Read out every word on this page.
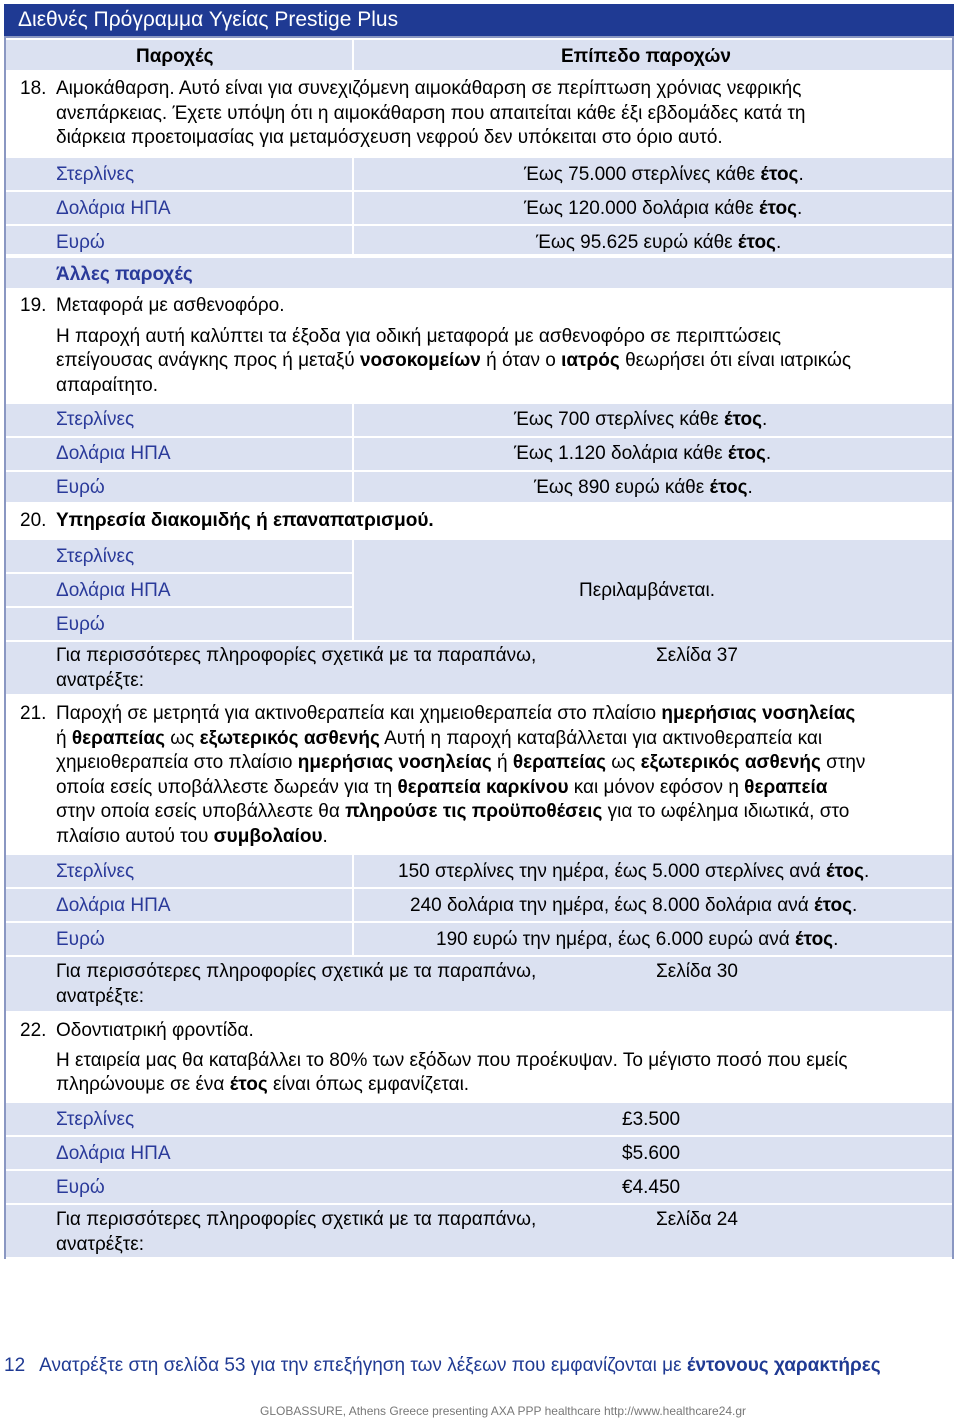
Διεθνές Πρόγραμμα Υγείας Prestige Plus
Παροχές	Επίπεδο παροχών
18. Αιμοκάθαρση. Αυτό είναι για συνεχιζόμενη αιμοκάθαρση σε περίπτωση χρόνιας νεφρικής
ανεπάρκειας. Έχετε υπόψη ότι η αιμοκάθαρση που απαιτείται κάθε έξι εβδομάδες κατά τη
διάρκεια προετοιμασίας για μεταμόσχευση νεφρού δεν υπόκειται στο όριο αυτό.
Στερλίνες
Δολάρια ΗΠΑ
Ευρώ
Έως 75.000 στερλίνες κάθε έτος.
Έως 120.000 δολάρια κάθε έτος.
Έως 95.625 ευρώ κάθε έτος.
Άλλες παροχές
19. Μεταφορά με ασθενοφόρο.
Η παροχή αυτή καλύπτει τα έξοδα για οδική μεταφορά με ασθενοφόρο σε περιπτώσεις
επείγουσας ανάγκης προς ή μεταξύ νοσοκομείων ή όταν ο ιατρός θεωρήσει ότι είναι ιατρικώς
απαραίτητο.
Στερλίνες
Δολάρια ΗΠΑ
Ευρώ
Έως 700 στερλίνες κάθε έτος.
Έως 1.120 δολάρια κάθε έτος.
Έως 890 ευρώ κάθε έτος.
20. Υπηρεσία διακομιδής ή επαναπατρισμού.
Στερλίνες
Δολάρια ΗΠΑ
Ευρώ
Περιλαμβάνεται.
Για περισσότερες πληροφορίες σχετικά με τα παραπάνω,
ανατρέξτε:
Σελίδα 37
21. Παροχή σε μετρητά για ακτινοθεραπεία και χημειοθεραπεία στο πλαίσιο ημερήσιας νοσηλείας
ή θεραπείας ως εξωτερικός ασθενής Αυτή η παροχή καταβάλλεται για ακτινοθεραπεία και
χημειοθεραπεία στο πλαίσιο ημερήσιας νοσηλείας ή θεραπείας ως εξωτερικός ασθενής στην
οποία εσείς υποβάλλεστε δωρεάν για τη θεραπεία καρκίνου και μόνον εφόσον η θεραπεία
στην οποία εσείς υποβάλλεστε θα πληρούσε τις προϋποθέσεις για το ωφέλημα ιδιωτικά, στο
πλαίσιο αυτού του συμβολαίου.
Στερλίνες
Δολάρια ΗΠΑ
Ευρώ
150 στερλίνες την ημέρα, έως 5.000 στερλίνες ανά έτος.
240 δολάρια την ημέρα, έως 8.000 δολάρια ανά έτος.
190 ευρώ την ημέρα, έως 6.000 ευρώ ανά έτος.
Για περισσότερες πληροφορίες σχετικά με τα παραπάνω,
ανατρέξτε:
Σελίδα 30
22. Οδοντιατρική φροντίδα.
Η εταιρεία μας θα καταβάλλει το 80% των εξόδων που προέκυψαν. Το μέγιστο ποσό που εμείς
πληρώνουμε σε ένα έτος είναι όπως εμφανίζεται.
Στερλίνες
Δολάρια ΗΠΑ
Ευρώ
£3.500
$5.600
€4.450
Για περισσότερες πληροφορίες σχετικά με τα παραπάνω,
ανατρέξτε:
Σελίδα 24
12 Ανατρέξτε στη σελίδα 53 για την επεξήγηση των λέξεων που εμφανίζονται με έντονους χαρακτήρες
GLOBASSURE, Athens Greece presenting AXA PPP healthcare http://www.healthcare24.gr
